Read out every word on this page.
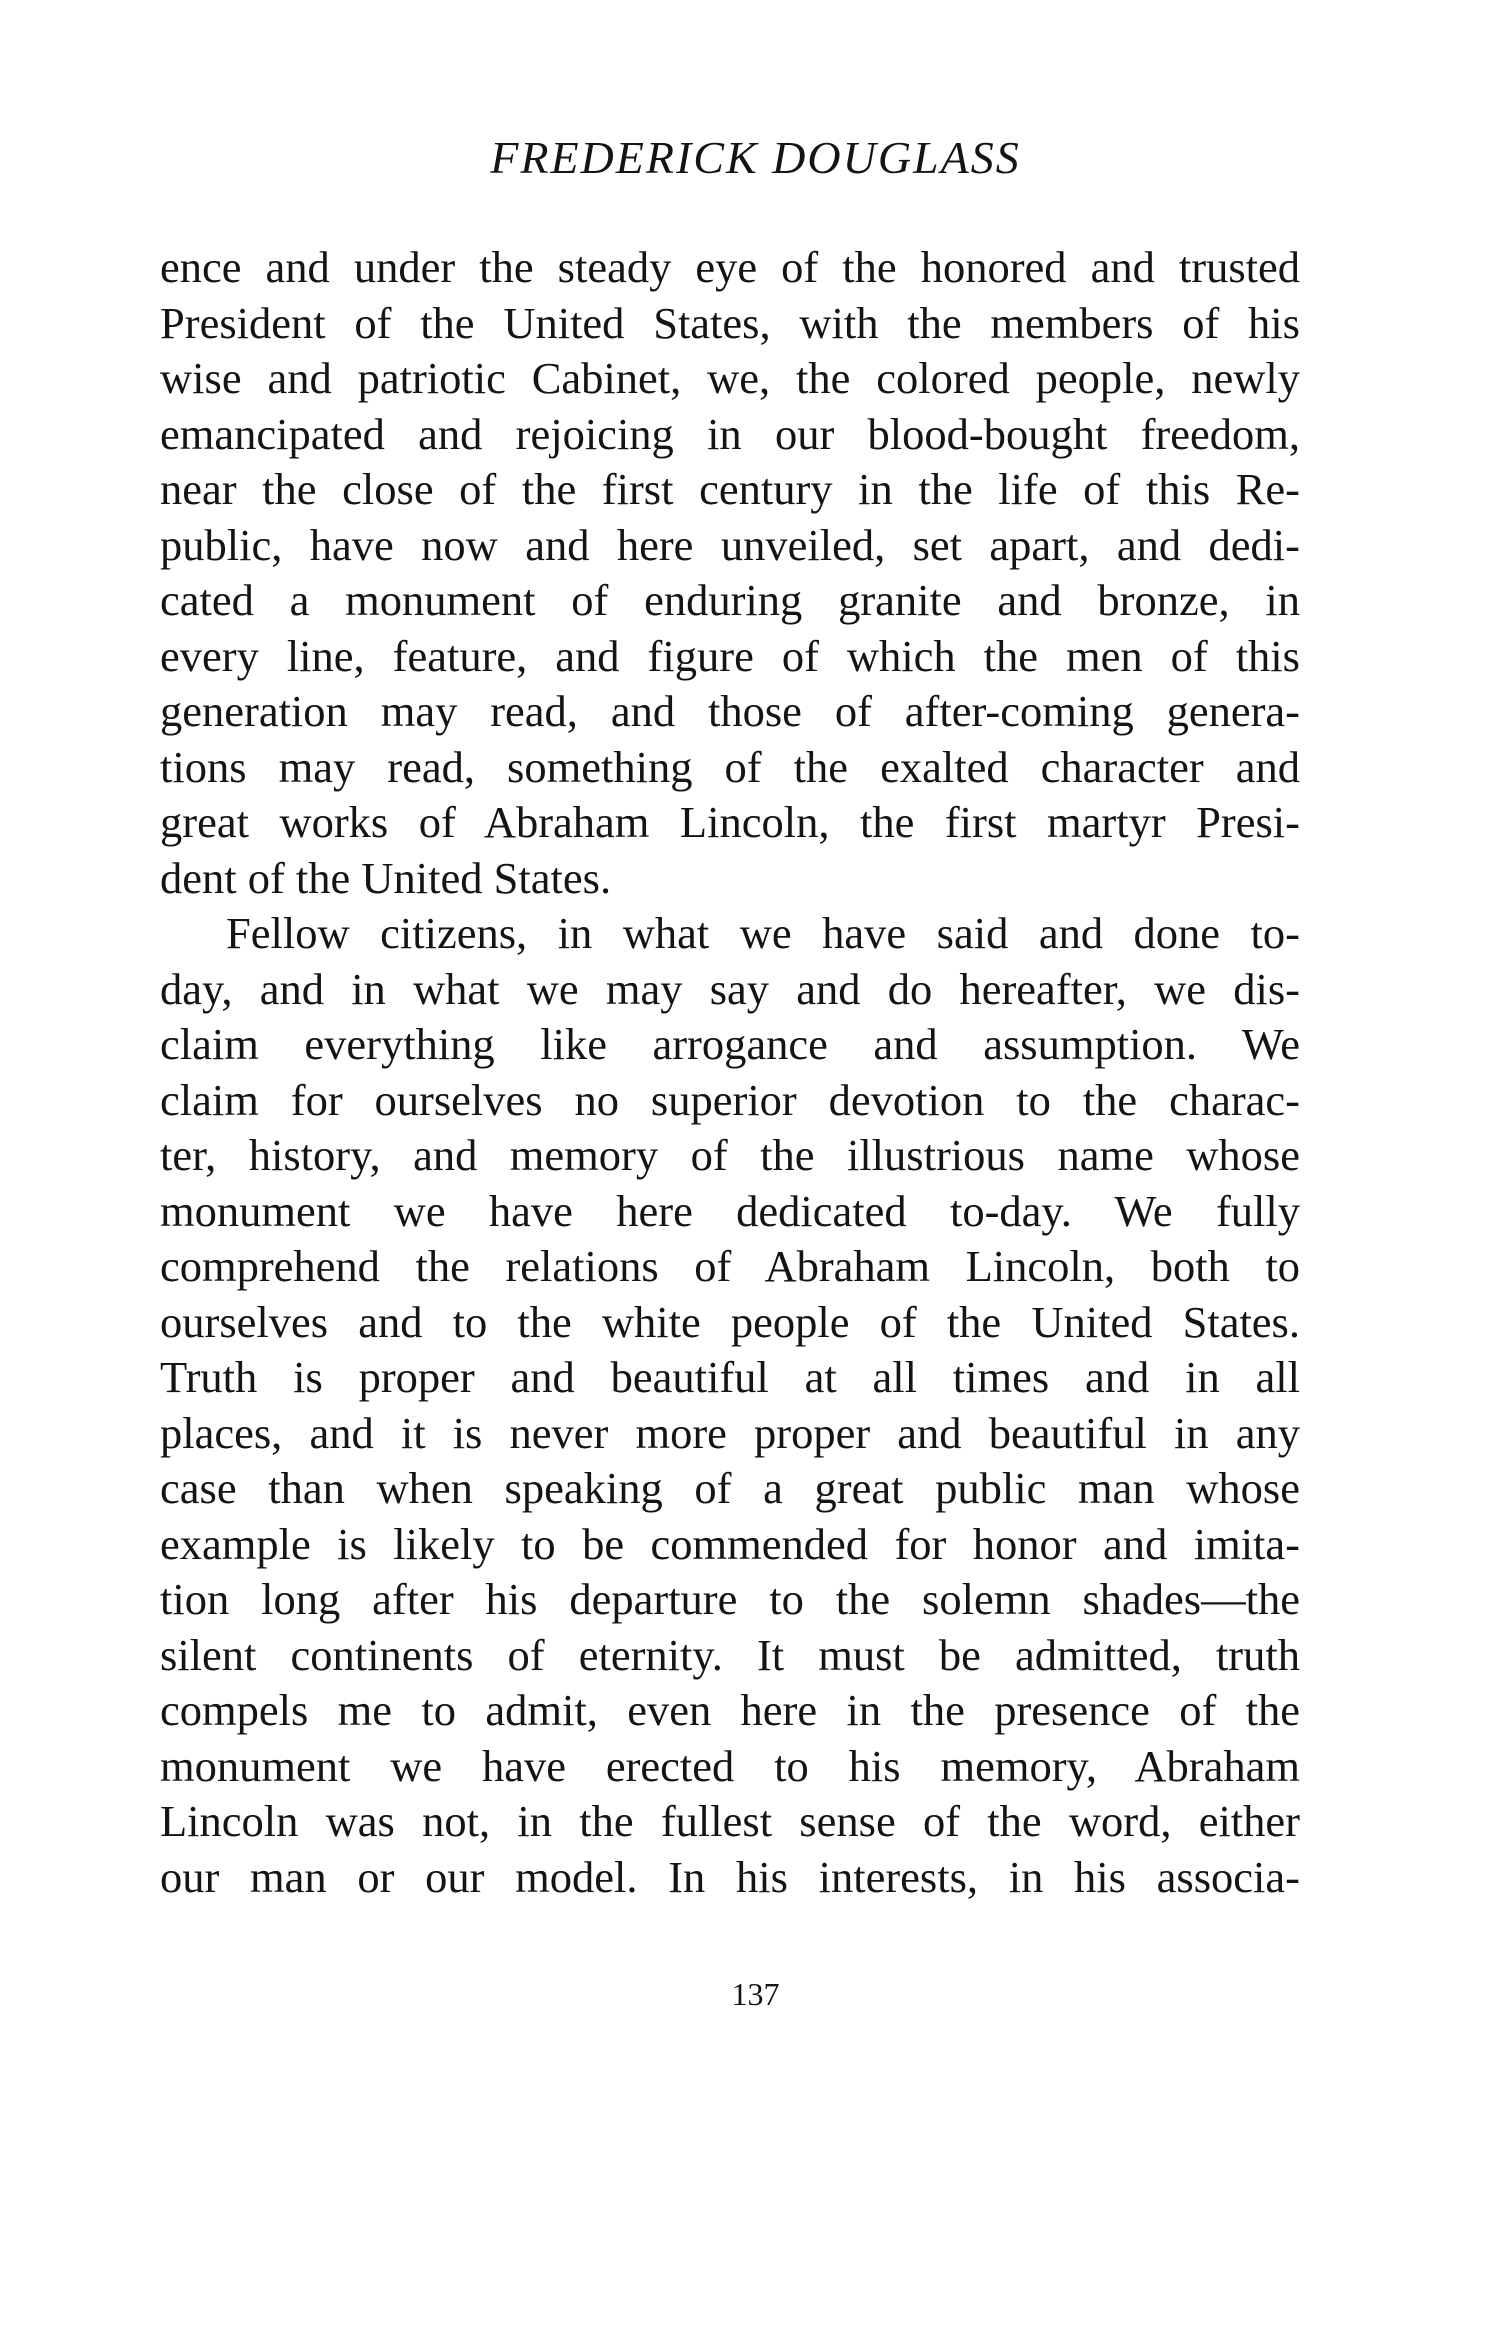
FREDERICK DOUGLASS
ence and under the steady eye of the honored and trusted
President of the United States, with the members of his
wise and patriotic Cabinet, we, the colored people, newly
emancipated and rejoicing in our blood-bought freedom,
near the close of the first century in the life of this Re-
public, have now and here unveiled, set apart, and dedi-
cated a monument of enduring granite and bronze, in
every line, feature, and figure of which the men of this
generation may read, and those of after-coming genera-
tions may read, something of the exalted character and
great works of Abraham Lincoln, the first martyr Presi-
dent of the United States.
Fellow citizens, in what we have said and done to-
day, and in what we may say and do hereafter, we dis-
claim everything like arrogance and assumption. We
claim for ourselves no superior devotion to the charac-
ter, history, and memory of the illustrious name whose
monument we have here dedicated to-day. We fully
comprehend the relations of Abraham Lincoln, both to
ourselves and to the white people of the United States.
Truth is proper and beautiful at all times and in all
places, and it is never more proper and beautiful in any
case than when speaking of a great public man whose
example is likely to be commended for honor and imita-
tion long after his departure to the solemn shades—the
silent continents of eternity. It must be admitted, truth
compels me to admit, even here in the presence of the
monument we have erected to his memory, Abraham
Lincoln was not, in the fullest sense of the word, either
our man or our model. In his interests, in his associa-
137
